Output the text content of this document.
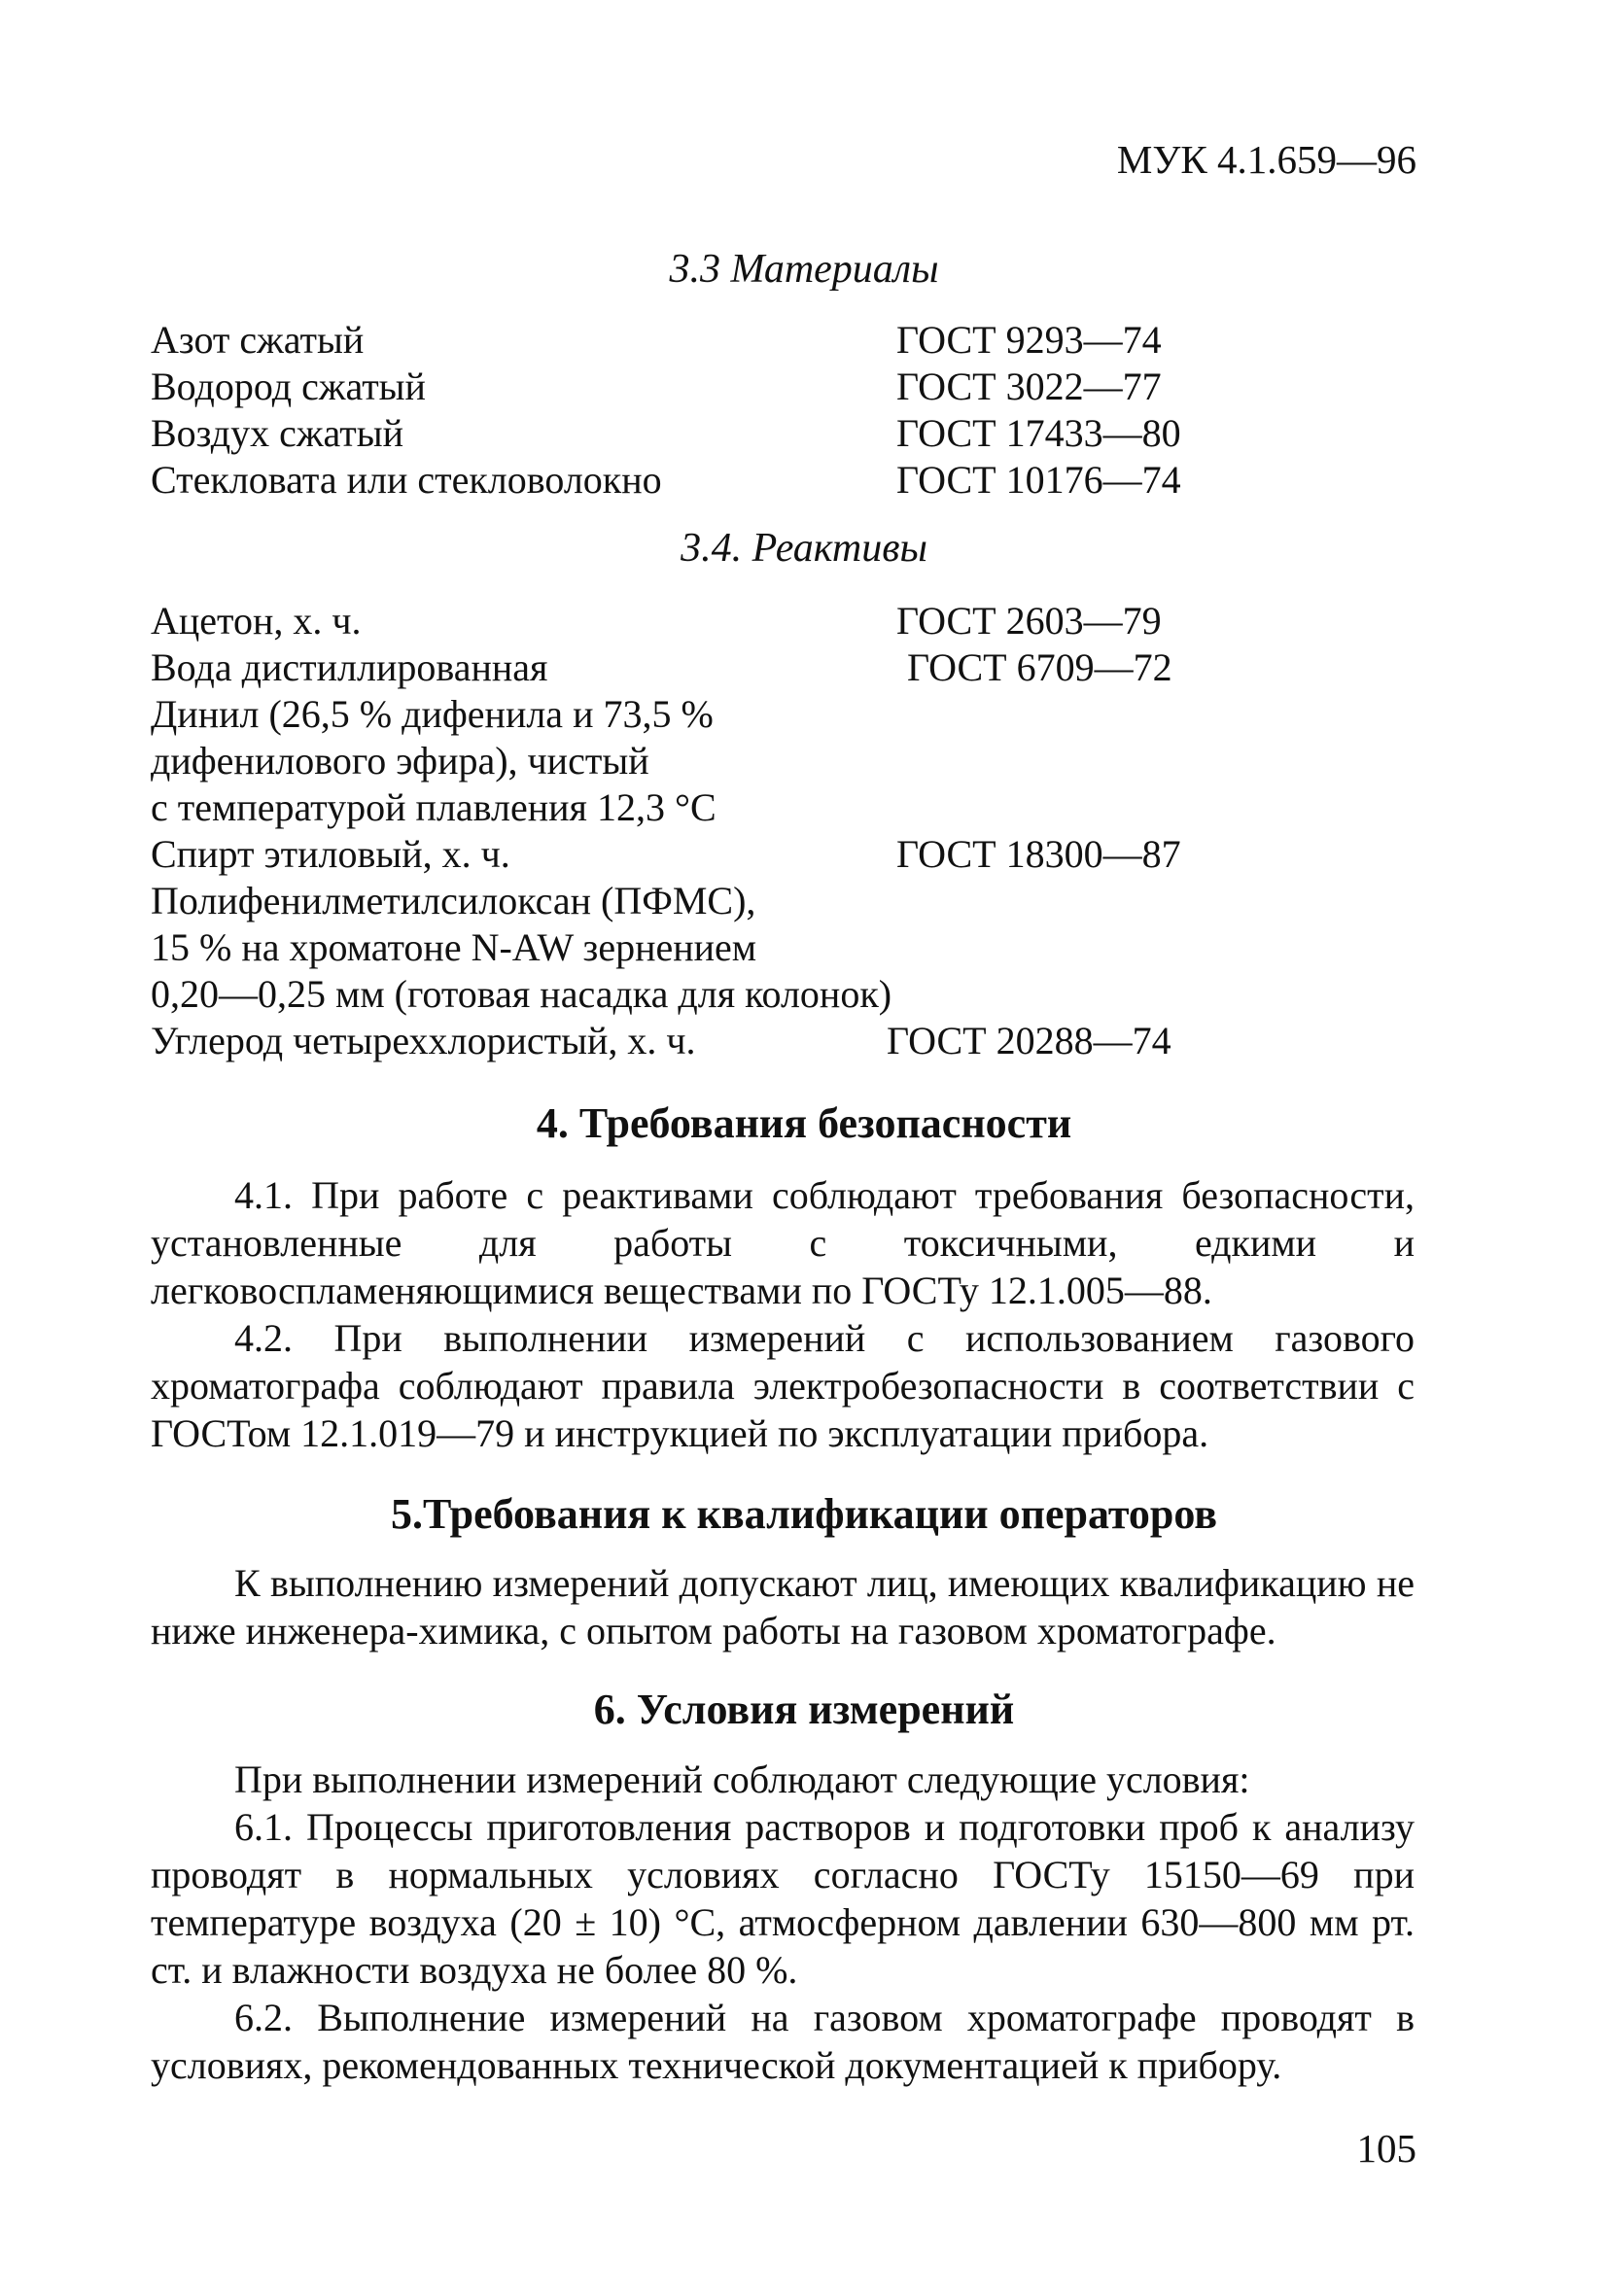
МУК 4.1.659—96
3.3 Материалы
Азот сжатый	ГОСТ 9293—74
Водород сжатый	ГОСТ 3022—77
Воздух сжатый	ГОСТ 17433—80
Стекловата или стекловолокно	ГОСТ 10176—74
3.4. Реактивы
Ацетон, х. ч.	ГОСТ 2603—79
Вода дистиллированная	ГОСТ 6709—72
Динил (26,5 % дифенила и 73,5 %
дифенилового эфира), чистый
с температурой плавления 12,3 °С
Спирт этиловый, х. ч.	ГОСТ 18300—87
Полифенилметилсилоксан (ПФМС),
15 % на хроматоне N-AW зернением
0,20—0,25 мм (готовая насадка для колонок)
Углерод четыреххлористый, х. ч.	ГОСТ 20288—74
4. Требования безопасности
4.1. При работе с реактивами соблюдают требования безопасности, установленные для работы с токсичными, едкими и легковоспламеняющимися веществами по ГОСТу 12.1.005—88.
4.2. При выполнении измерений с использованием газового хроматографа соблюдают правила электробезопасности в соответствии с ГОСТом 12.1.019—79 и инструкцией по эксплуатации прибора.
5.Требования к квалификации операторов
К выполнению измерений допускают лиц, имеющих квалификацию не ниже инженера-химика, с опытом работы на газовом хроматографе.
6. Условия измерений
При выполнении измерений соблюдают следующие условия:
6.1. Процессы приготовления растворов и подготовки проб к анализу проводят в нормальных условиях согласно ГОСТу 15150—69 при температуре воздуха (20 ± 10) °С, атмосферном давлении 630—800 мм рт. ст. и влажности воздуха не более 80 %.
6.2. Выполнение измерений на газовом хроматографе проводят в условиях, рекомендованных технической документацией к прибору.
105
